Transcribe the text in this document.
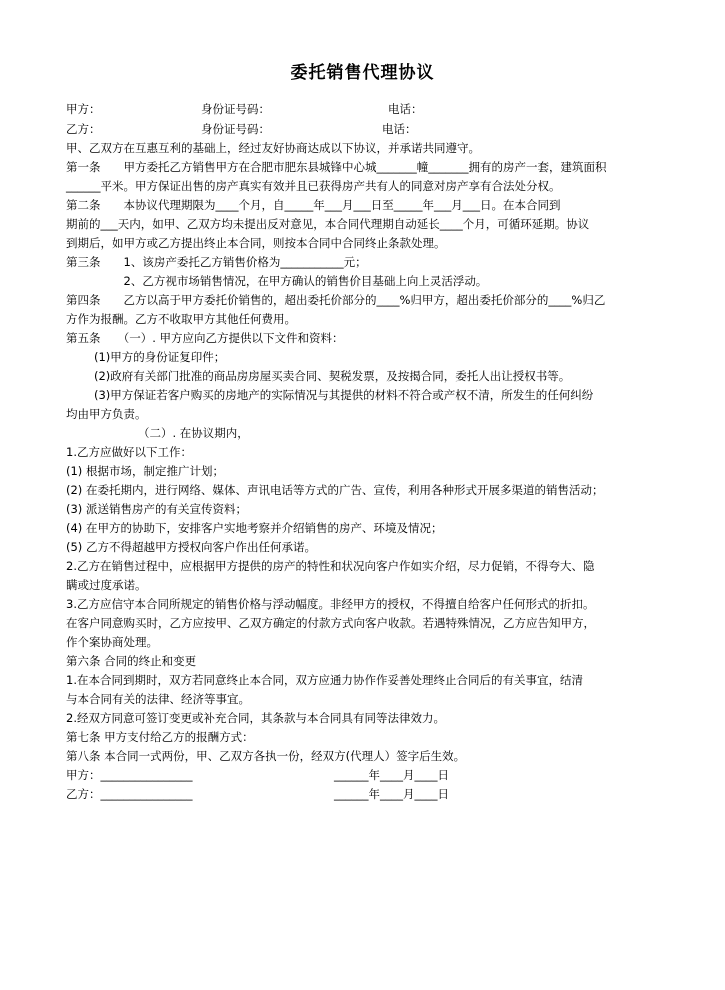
委托销售代理协议
甲方：	身份证号码：	电话：
乙方：	身份证号码：	电话：
甲、乙双方在互惠互利的基础上，经过友好协商达成以下协议，并承诺共同遵守。
第一条　　甲方委托乙方销售甲方在合肥市肥东县城锋中心城_______幢_______拥有的房产一套，建筑面积
______平米。甲方保证出售的房产真实有效并且已获得房产共有人的同意对房产享有合法处分权。
第二条　　本协议代理期限为____个月，自_____年___月___日至_____年___月___日。在本合同到
期前的___天内，如甲、乙双方均未提出反对意见，本合同代理期自动延长____个月，可循环延期。协议
到期后，如甲方或乙方提出终止本合同，则按本合同中合同终止条款处理。
第三条　　1、该房产委托乙方销售价格为___________元；
　　　　　2、乙方视市场销售情况，在甲方确认的销售价目基础上向上灵活浮动。
第四条　　乙方以高于甲方委托价销售的，超出委托价部分的____%归甲方，超出委托价部分的____%归乙
方作为报酬。乙方不收取甲方其他任何费用。
第五条　　（一）. 甲方应向乙方提供以下文件和资料：
(1)甲方的身份证复印件；
(2)政府有关部门批准的商品房房屋买卖合同、契税发票，及按揭合同，委托人出让授权书等。
(3)甲方保证若客户购买的房地产的实际情况与其提供的材料不符合或产权不清，所发生的任何纠纷
均由甲方负责。
（二）. 在协议期内，
1.乙方应做好以下工作：
(1) 根据市场，制定推广计划；
(2) 在委托期内，进行网络、媒体、声讯电话等方式的广告、宣传，利用各种形式开展多渠道的销售活动；
(3) 派送销售房产的有关宣传资料；
(4) 在甲方的协助下，安排客户实地考察并介绍销售的房产、环境及情况；
(5) 乙方不得超越甲方授权向客户作出任何承诺。
2.乙方在销售过程中，应根据甲方提供的房产的特性和状况向客户作如实介绍，尽力促销，不得夸大、隐
瞒或过度承诺。
3.乙方应信守本合同所规定的销售价格与浮动幅度。非经甲方的授权，不得擅自给客户任何形式的折扣。
在客户同意购买时，乙方应按甲、乙双方确定的付款方式向客户收款。若遇特殊情况，乙方应告知甲方，
作个案协商处理。
第六条 合同的终止和变更
1.在本合同到期时，双方若同意终止本合同，双方应通力协作作妥善处理终止合同后的有关事宜，结清
与本合同有关的法律、经济等事宜。
2.经双方同意可签订变更或补充合同，其条款与本合同具有同等法律效力。
第七条 甲方支付给乙方的报酬方式：
第八条 本合同一式两份，甲、乙双方各执一份，经双方(代理人）签字后生效。
甲方：________________	______年____月____日
乙方：________________	______年____月____日
